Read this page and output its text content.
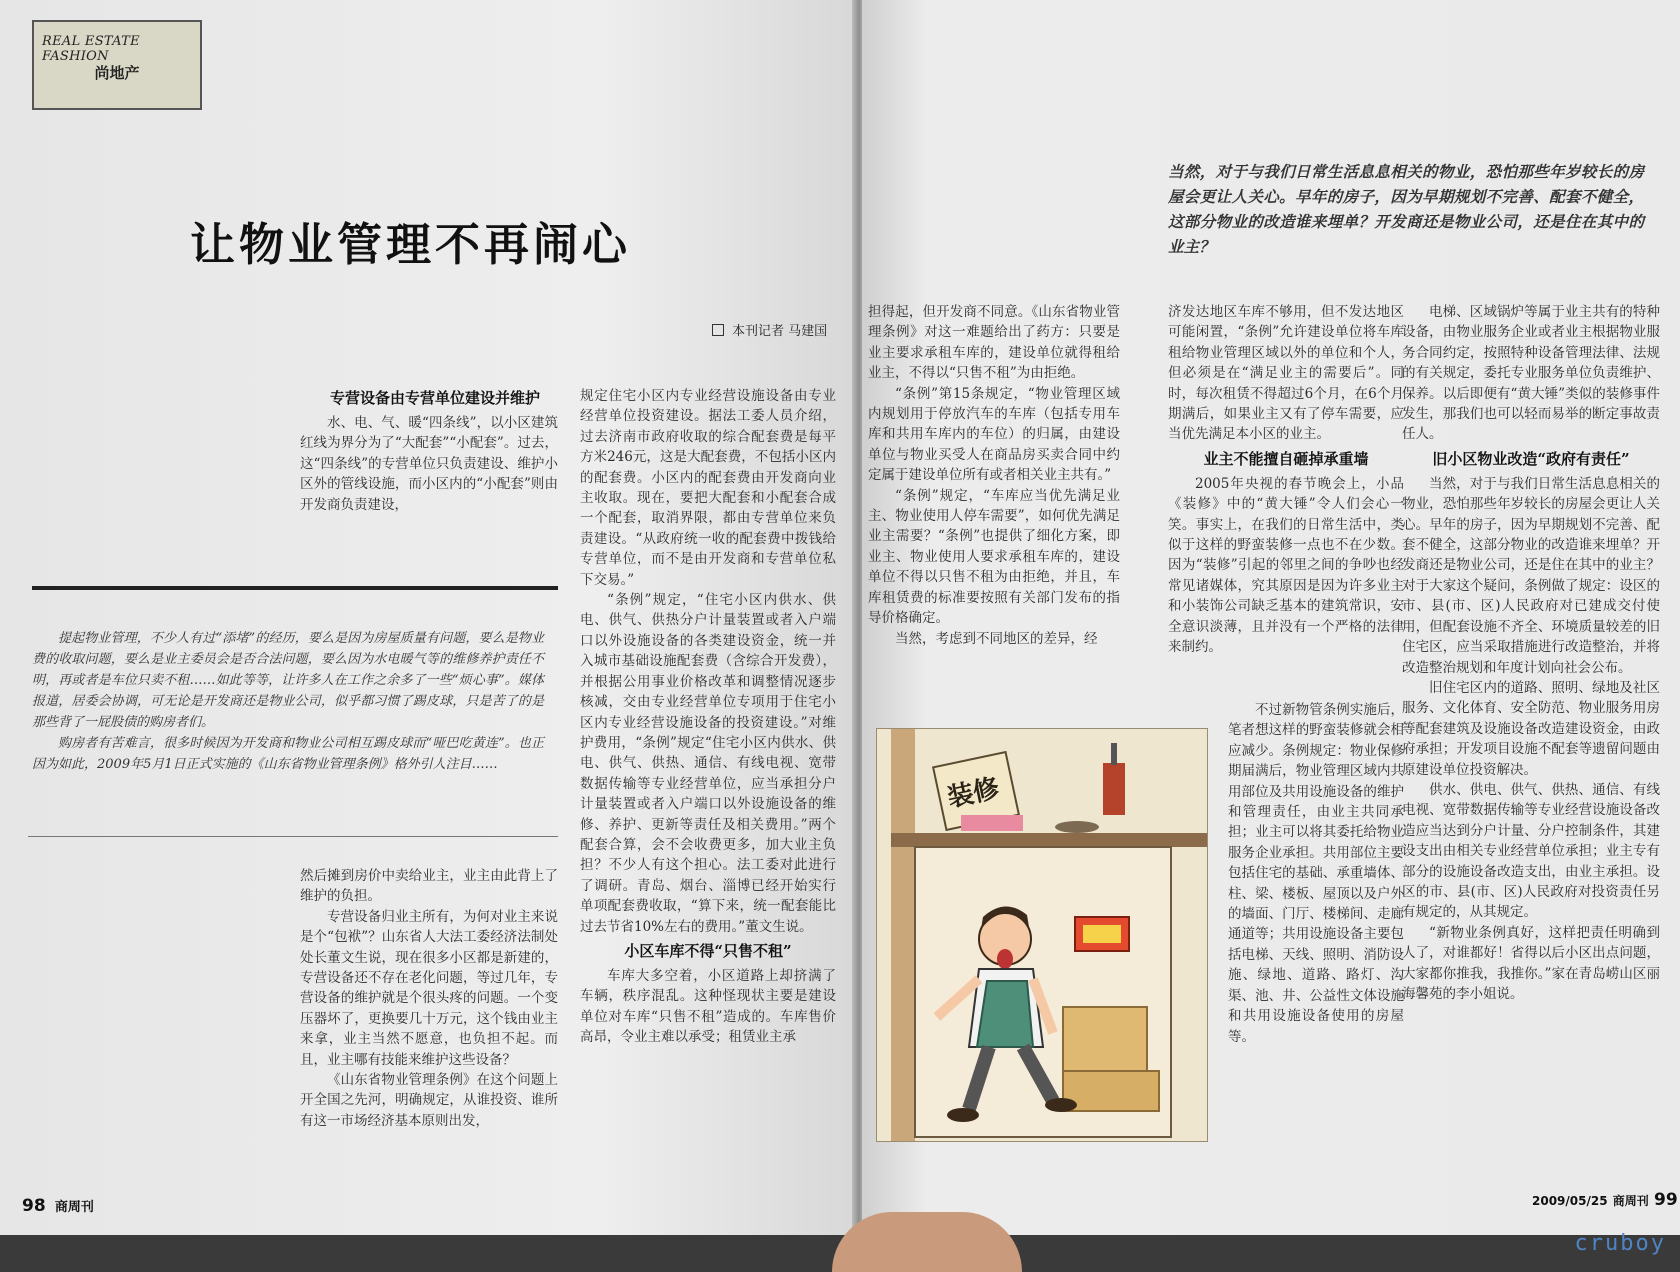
REAL ESTATE FASHION
尚地产
让物业管理不再闹心
本刊记者 马建国
专营设备由专营单位建设并维护

水、电、气、暖“四条线”，以小区建筑红线为界分为了“大配套”“小配套”。过去，这“四条线”的专营单位只负责建设、维护小区外的管线设施，而小区内的“小配套”则由开发商负责建设，

提起物业管理，不少人有过“添堵”的经历，要么是因为房屋质量有问题，要么是物业费的收取问题，要么是业主委员会是否合法问题，要么因为水电暖气等的维修养护责任不明，再或者是车位只卖不租……如此等等，让许多人在工作之余多了一些“烦心事”。媒体报道，居委会协调，可无论是开发商还是物业公司，似乎都习惯了踢皮球，只是苦了的是那些背了一屁股债的购房者们。

购房者有苦难言，很多时候因为开发商和物业公司相互踢皮球而“哑巴吃黄连”。也正因为如此，2009年5月1日正式实施的《山东省物业管理条例》格外引人注目……

然后摊到房价中卖给业主，业主由此背上了维护的负担。

专营设备归业主所有，为何对业主来说是个“包袱”？山东省人大法工委经济法制处处长董文生说，现在很多小区都是新建的，专营设备还不存在老化问题，等过几年，专营设备的维护就是个很头疼的问题。一个变压器坏了，更换要几十万元，这个钱由业主来拿，业主当然不愿意，也负担不起。而且，业主哪有技能来维护这些设备？

《山东省物业管理条例》在这个问题上开全国之先河，明确规定，从谁投资、谁所有这一市场经济基本原则出发，

规定住宅小区内专业经营设施设备由专业经营单位投资建设。据法工委人员介绍，过去济南市政府收取的综合配套费是每平方米246元，这是大配套费，不包括小区内的配套费。小区内的配套费由开发商向业主收取。现在，要把大配套和小配套合成一个配套，取消界限，都由专营单位来负责建设。“从政府统一收的配套费中拨钱给专营单位，而不是由开发商和专营单位私下交易。”

“条例”规定，“住宅小区内供水、供电、供气、供热分户计量装置或者入户端口以外设施设备的各类建设资金，统一并入城市基础设施配套费（含综合开发费），并根据公用事业价格改革和调整情况逐步核减，交由专业经营单位专项用于住宅小区内专业经营设施设备的投资建设。”对维护费用，“条例”规定“住宅小区内供水、供电、供气、供热、通信、有线电视、宽带数据传输等专业经营单位，应当承担分户计量装置或者入户端口以外设施设备的维修、养护、更新等责任及相关费用。”两个配套合算，会不会收费更多，加大业主负担？不少人有这个担心。法工委对此进行了调研。青岛、烟台、淄博已经开始实行单项配套费收取，“算下来，统一配套能比过去节省10%左右的费用。”董文生说。

小区车库不得“只售不租”

车库大多空着，小区道路上却挤满了车辆，秩序混乱。这种怪现状主要是建设单位对车库“只售不租”造成的。车库售价高昂，令业主难以承受；租赁业主承

98 商周刊
当然，对于与我们日常生活息息相关的物业，恐怕那些年岁较长的房屋会更让人关心。早年的房子，因为早期规划不完善、配套不健全，这部分物业的改造谁来埋单？开发商还是物业公司，还是住在其中的业主？

担得起，但开发商不同意。《山东省物业管理条例》对这一难题给出了药方：只要是业主要求承租车库的，建设单位就得租给业主，不得以“只售不租”为由拒绝。

“条例”第15条规定，“物业管理区域内规划用于停放汽车的车库（包括专用车库和共用车库内的车位）的归属，由建设单位与物业买受人在商品房买卖合同中约定属于建设单位所有或者相关业主共有。”

“条例”规定，“车库应当优先满足业主、物业使用人停车需要”，如何优先满足业主需要？“条例”也提供了细化方案，即业主、物业使用人要求承租车库的，建设单位不得以只售不租为由拒绝，并且，车库租赁费的标准要按照有关部门发布的指导价格确定。

当然，考虑到不同地区的差异，经

济发达地区车库不够用，但不发达地区可能闲置，“条例”允许建设单位将车库租给物业管理区域以外的单位和个人，但必须是在“满足业主的需要后”。同时，每次租赁不得超过6个月，在6个月期满后，如果业主又有了停车需要，应当优先满足本小区的业主。

业主不能擅自砸掉承重墙

2005年央视的春节晚会上，小品《装修》中的“黄大锤”令人们会心一笑。事实上，在我们的日常生活中，类似于这样的野蛮装修一点也不在少数。因为“装修”引起的邻里之间的争吵也经常见诸媒体，究其原因是因为许多业主和小装饰公司缺乏基本的建筑常识，安全意识淡薄，且并没有一个严格的法律来制约。

不过新物管条例实施后，笔者想这样的野蛮装修就会相应减少。条例规定：物业保修期届满后，物业管理区域内共用部位及共用设施设备的维护和管理责任，由业主共同承担；业主可以将其委托给物业服务企业承担。共用部位主要包括住宅的基础、承重墙体、柱、梁、楼板、屋顶以及户外的墙面、门厅、楼梯间、走廊通道等；共用设施设备主要包括电梯、天线、照明、消防设施、绿地、道路、路灯、沟渠、池、井、公益性文体设施和共用设施设备使用的房屋等。

电梯、区域锅炉等属于业主共有的特种设备，由物业服务企业或者业主根据物业服务合同约定，按照特种设备管理法律、法规的有关规定，委托专业服务单位负责维护、保养。以后即便有“黄大锤”类似的装修事件发生，那我们也可以轻而易举的断定事故责任人。

旧小区物业改造“政府有责任”

当然，对于与我们日常生活息息相关的物业，恐怕那些年岁较长的房屋会更让人关心。早年的房子，因为早期规划不完善、配套不健全，这部分物业的改造谁来埋单？开发商还是物业公司，还是住在其中的业主？对于大家这个疑问，条例做了规定：设区的市、县(市、区)人民政府对已建成交付使用，但配套设施不齐全、环境质量较差的旧住宅区，应当采取措施进行改造整治，并将改造整治规划和年度计划向社会公布。

旧住宅区内的道路、照明、绿地及社区服务、文化体育、安全防范、物业服务用房等配套建筑及设施设备改造建设资金，由政府承担；开发项目设施不配套等遗留问题由原建设单位投资解决。

供水、供电、供气、供热、通信、有线电视、宽带数据传输等专业经营设施设备改造应当达到分户计量、分户控制条件，其建设支出由相关专业经营单位承担；业主专有部分的设施设备改造支出，由业主承担。设区的市、县(市、区)人民政府对投资责任另有规定的，从其规定。

“新物业条例真好，这样把责任明确到人了，对谁都好！省得以后小区出点问题，大家都你推我，我推你。”家在青岛崂山区丽海馨苑的李小姐说。

2009/05/25 商周刊 99
装修
cruboy
